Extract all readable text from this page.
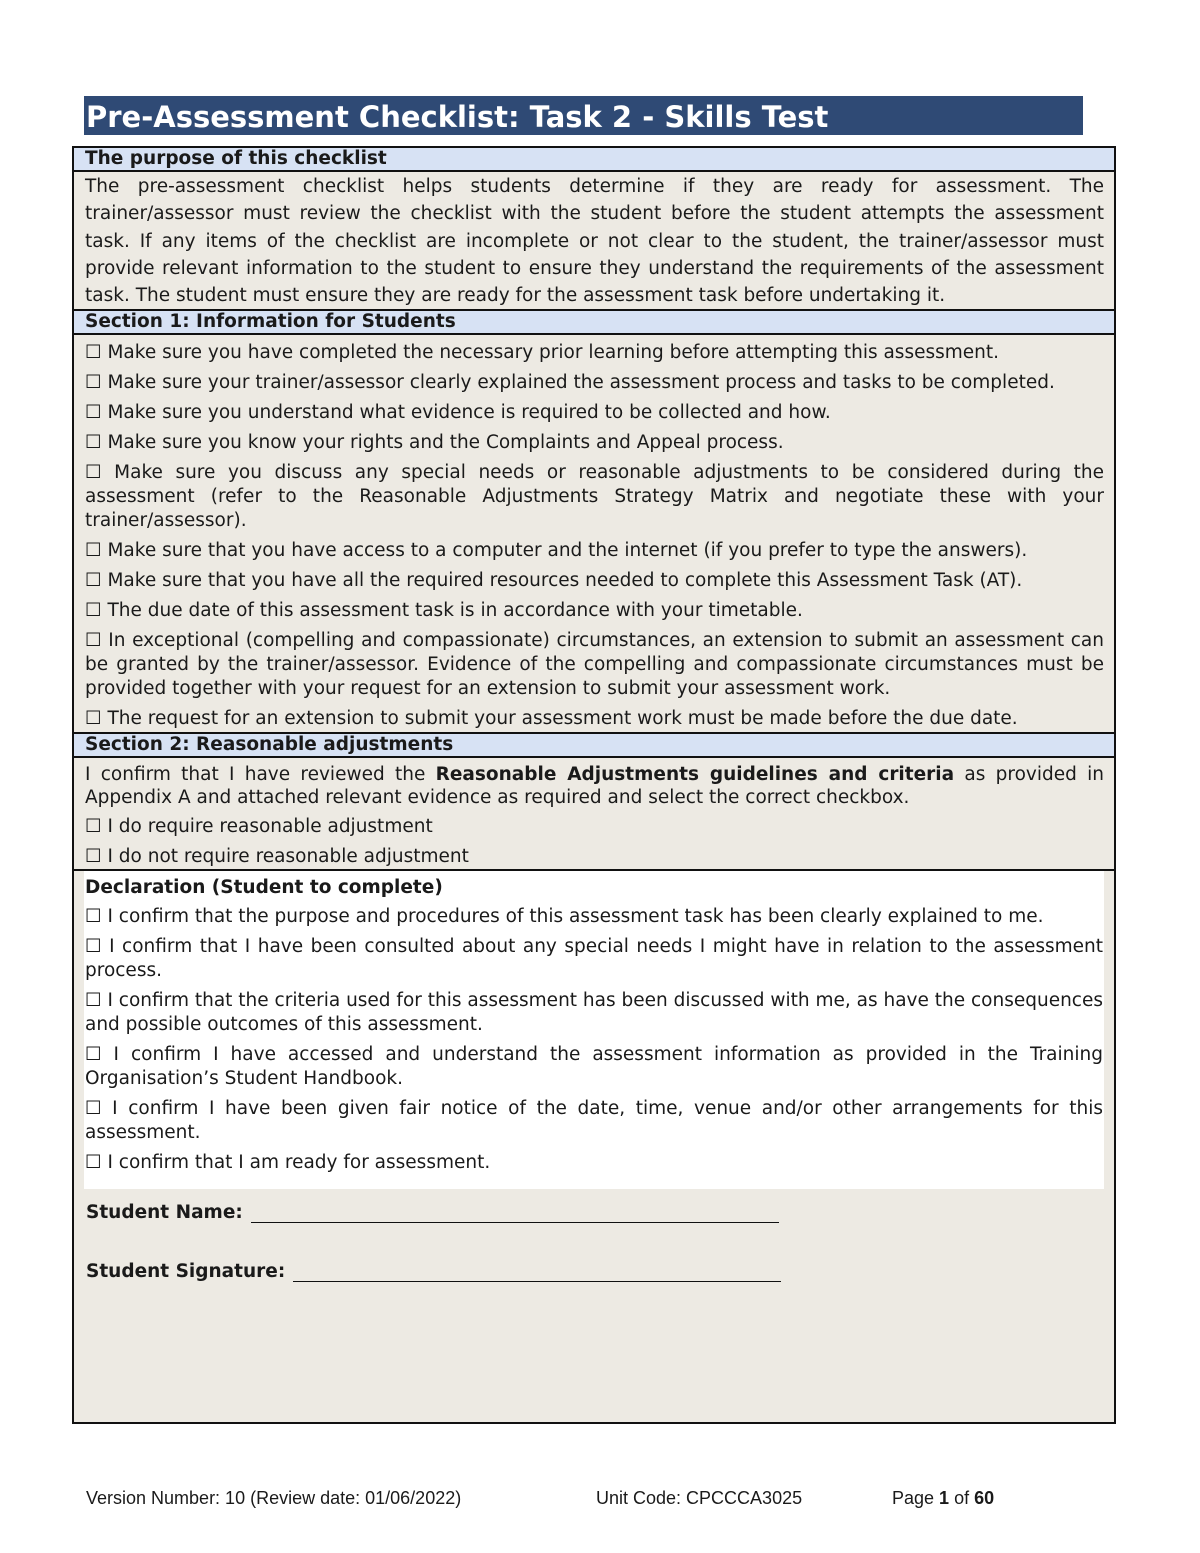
Pre-Assessment Checklist: Task 2 - Skills Test
The purpose of this checklist
The pre-assessment checklist helps students determine if they are ready for assessment. The trainer/assessor must review the checklist with the student before the student attempts the assessment task. If any items of the checklist are incomplete or not clear to the student, the trainer/assessor must provide relevant information to the student to ensure they understand the requirements of the assessment task. The student must ensure they are ready for the assessment task before undertaking it.
Section 1: Information for Students

☐ Make sure you have completed the necessary prior learning before attempting this assessment.

☐ Make sure your trainer/assessor clearly explained the assessment process and tasks to be completed.

☐ Make sure you understand what evidence is required to be collected and how.

☐ Make sure you know your rights and the Complaints and Appeal process.

☐ Make sure you discuss any special needs or reasonable adjustments to be considered during the assessment (refer to the Reasonable Adjustments Strategy Matrix and negotiate these with your trainer/assessor).

☐ Make sure that you have access to a computer and the internet (if you prefer to type the answers).

☐ Make sure that you have all the required resources needed to complete this Assessment Task (AT).

☐ The due date of this assessment task is in accordance with your timetable.

☐ In exceptional (compelling and compassionate) circumstances, an extension to submit an assessment can be granted by the trainer/assessor. Evidence of the compelling and compassionate circumstances must be provided together with your request for an extension to submit your assessment work.

☐ The request for an extension to submit your assessment work must be made before the due date.

Section 2: Reasonable adjustments

I confirm that I have reviewed the Reasonable Adjustments guidelines and criteria as provided in Appendix A and attached relevant evidence as required and select the correct checkbox.

☐ I do require reasonable adjustment

☐ I do not require reasonable adjustment

Declaration (Student to complete)

☐ I confirm that the purpose and procedures of this assessment task has been clearly explained to me.

☐ I confirm that I have been consulted about any special needs I might have in relation to the assessment process.

☐ I confirm that the criteria used for this assessment has been discussed with me, as have the consequences and possible outcomes of this assessment.

☐ I confirm I have accessed and understand the assessment information as provided in the Training Organisation’s Student Handbook.

☐ I confirm I have been given fair notice of the date, time, venue and/or other arrangements for this assessment.

☐ I confirm that I am ready for assessment.

Student Name:
Student Signature:
Version Number: 10 (Review date: 01/06/2022)	Unit Code: CPCCCA3025	Page 1 of 60
